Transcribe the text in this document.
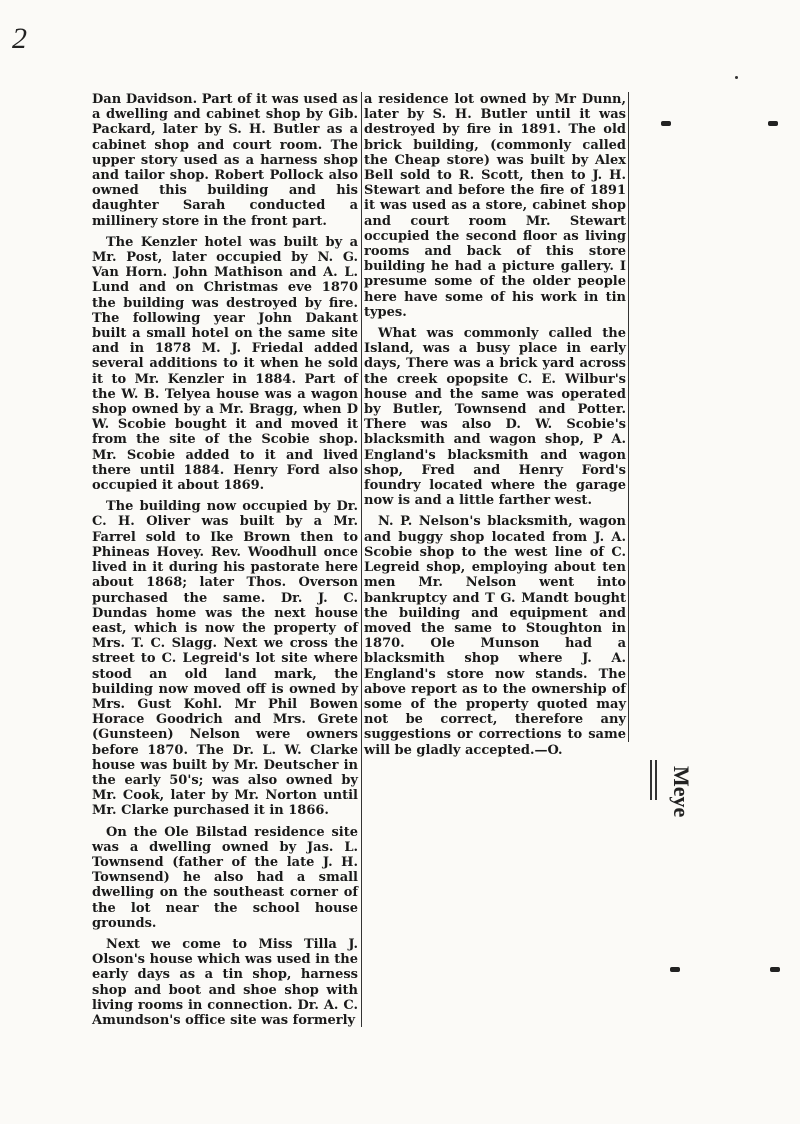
2

Dan Davidson. Part of it was used as a dwelling and cabinet shop by Gib. Packard, later by S. H. Butler as a cabinet shop and court room. The upper story used as a harness shop and tailor shop. Robert Pollock also owned this building and his daughter Sarah conducted a millinery store in the front part.

The Kenzler hotel was built by a Mr. Post, later occupied by N. G. Van Horn. John Mathison and A. L. Lund and on Christmas eve 1870 the building was destroyed by fire. The following year John Dakant built a small hotel on the same site and in 1878 M. J. Friedal added several additions to it when he sold it to Mr. Kenzler in 1884. Part of the W. B. Telyea house was a wagon shop owned by a Mr. Bragg, when D W. Scobie bought it and moved it from the site of the Scobie shop. Mr. Scobie added to it and lived there until 1884. Henry Ford also occupied it about 1869.

The building now occupied by Dr. C. H. Oliver was built by a Mr. Farrel sold to Ike Brown then to Phineas Hovey. Rev. Woodhull once lived in it during his pastorate here about 1868; later Thos. Overson purchased the same. Dr. J. C. Dundas home was the next house east, which is now the property of Mrs. T. C. Slagg. Next we cross the street to C. Legreid's lot site where stood an old land mark, the building now moved off is owned by Mrs. Gust Kohl. Mr Phil Bowen Horace Goodrich and Mrs. Grete (Gunsteen) Nelson were owners before 1870. The Dr. L. W. Clarke house was built by Mr. Deutscher in the early 50's; was also owned by Mr. Cook, later by Mr. Norton until Mr. Clarke purchased it in 1866.

On the Ole Bilstad residence site was a dwelling owned by Jas. L. Townsend (father of the late J. H. Townsend) he also had a small dwelling on the southeast corner of the lot near the school house grounds.

Next we come to Miss Tilla J. Olson's house which was used in the early days as a tin shop, harness shop and boot and shoe shop with living rooms in connection. Dr. A. C. Amundson's office site was formerly

a residence lot owned by Mr Dunn, later by S. H. Butler until it was destroyed by fire in 1891. The old brick building, (commonly called the Cheap store) was built by Alex Bell sold to R. Scott, then to J. H. Stewart and before the fire of 1891 it was used as a store, cabinet shop and court room Mr. Stewart occupied the second floor as living rooms and back of this store building he had a picture gallery. I presume some of the older people here have some of his work in tin types.

What was commonly called the Island, was a busy place in early days, There was a brick yard across the creek opopsite C. E. Wilbur's house and the same was operated by Butler, Townsend and Potter. There was also D. W. Scobie's blacksmith and wagon shop, P A. England's blacksmith and wagon shop, Fred and Henry Ford's foundry located where the garage now is and a little farther west.

N. P. Nelson's blacksmith, wagon and buggy shop located from J. A. Scobie shop to the west line of C. Legreid shop, employing about ten men Mr. Nelson went into bankruptcy and T G. Mandt bought the building and equipment and moved the same to Stoughton in 1870. Ole Munson had a blacksmith shop where J. A. England's store now stands. The above report as to the ownership of some of the property quoted may not be correct, therefore any suggestions or corrections to same will be gladly accepted.—O.

Meye
